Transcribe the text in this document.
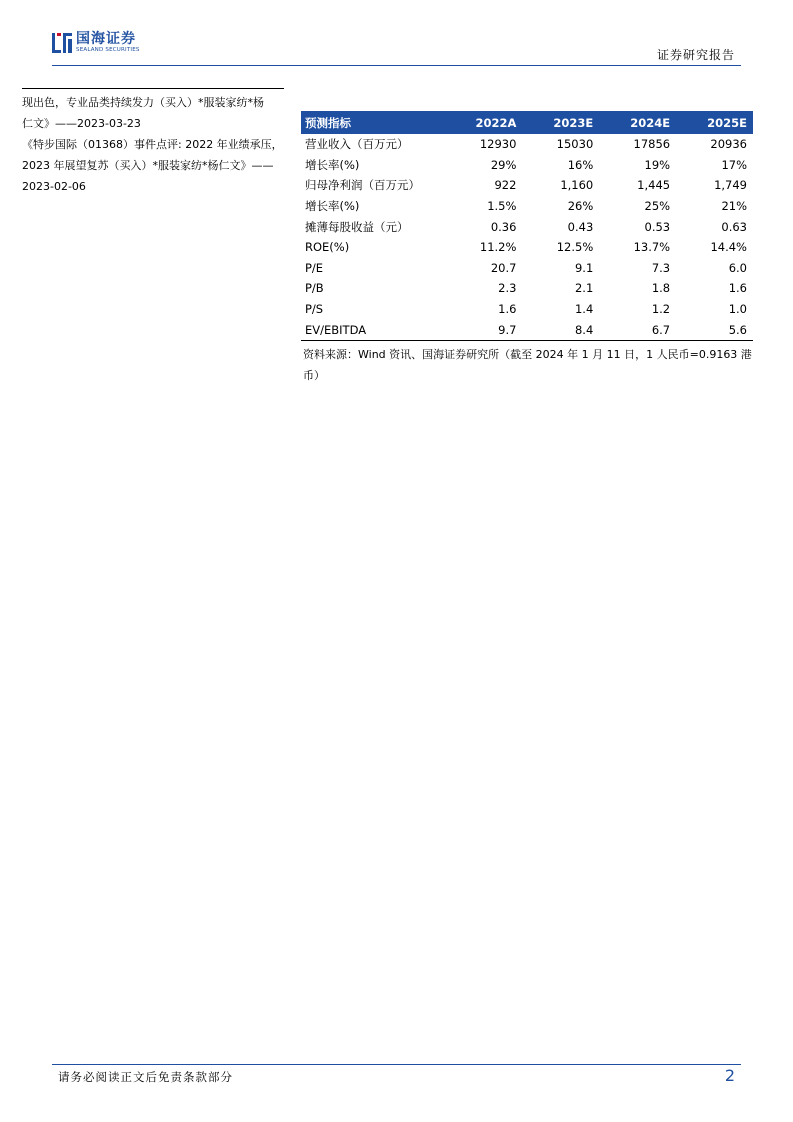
国海证券
SEALAND SECURITIES	证券研究报告

现出色，专业品类持续发力（买入）*服装家纺*杨

仁文》——2023-03-23

《特步国际（01368）事件点评: 2022 年业绩承压，

2023 年展望复苏（买入）*服装家纺*杨仁文》——

2023-02-06

预测指标	2022A	2023E	2024E	2025E
营业收入（百万元）	12930	15030	17856	20936
增长率(%)	29%	16%	19%	17%
归母净利润（百万元）	922	1,160	1,445	1,749
增长率(%)	1.5%	26%	25%	21%
摊薄每股收益（元）	0.36	0.43	0.53	0.63
ROE(%)	11.2%	12.5%	13.7%	14.4%
P/E	20.7	9.1	7.3	6.0
P/B	2.3	2.1	1.8	1.6
P/S	1.6	1.4	1.2	1.0
EV/EBITDA	9.7	8.4	6.7	5.6
资料来源：Wind 资讯、国海证券研究所（截至 2024 年 1 月 11 日，1 人民币=0.9163 港币）
请务必阅读正文后免责条款部分	2
